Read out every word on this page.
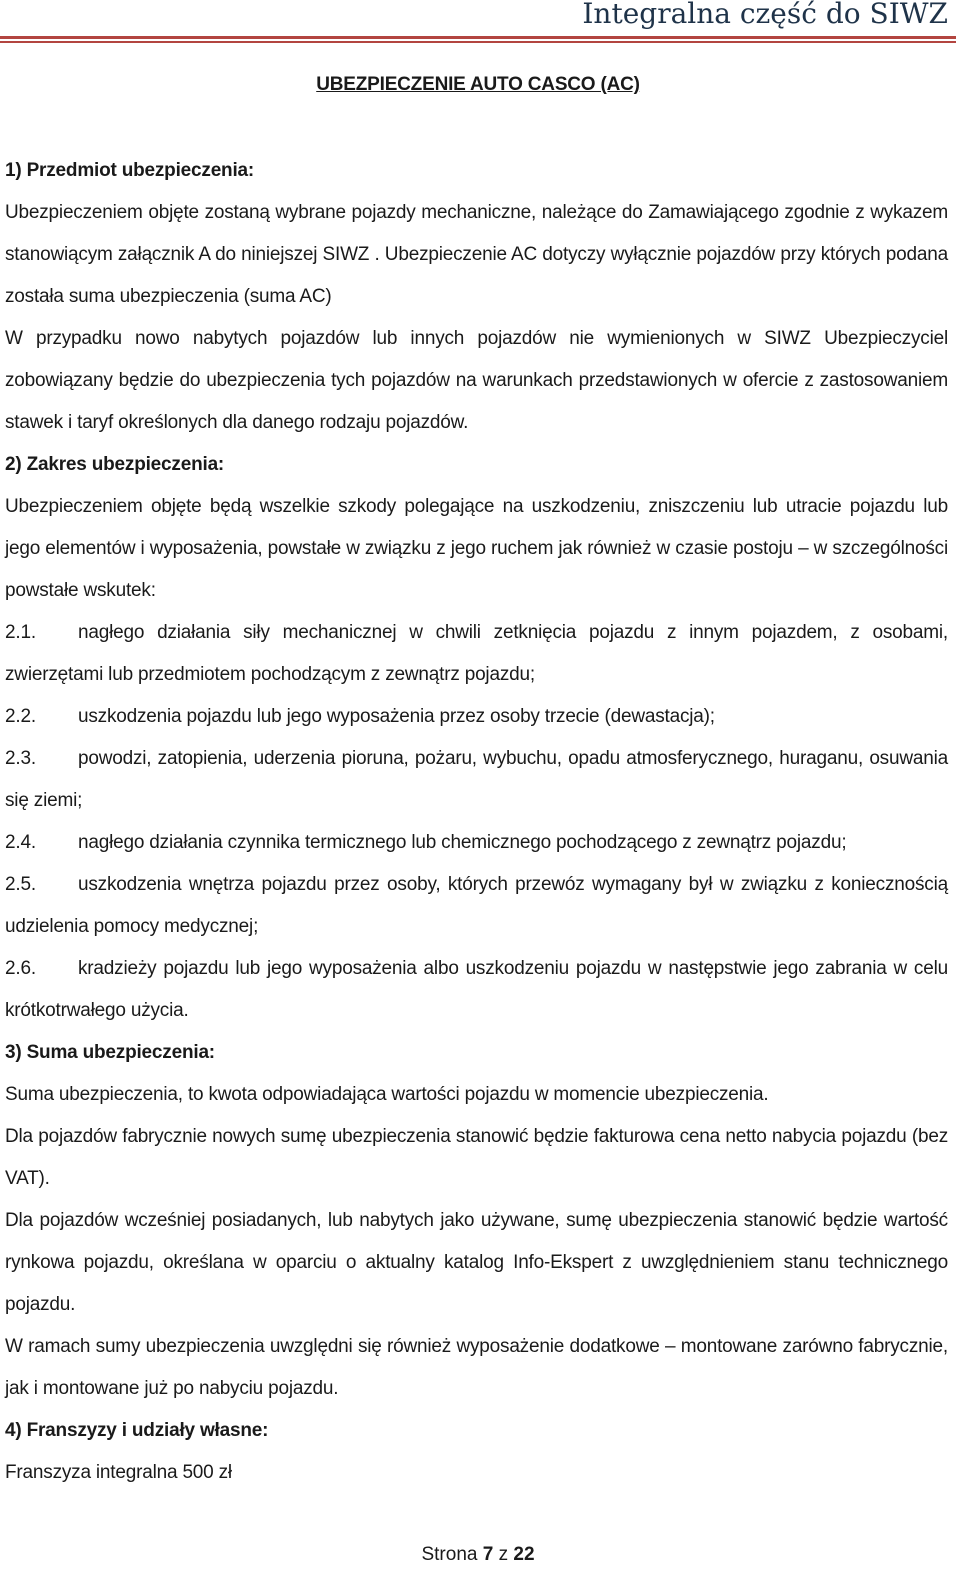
Integralna część do SIWZ
UBEZPIECZENIE AUTO CASCO (AC)

1) Przedmiot ubezpieczenia:

Ubezpieczeniem objęte zostaną wybrane pojazdy mechaniczne, należące do Zamawiającego zgodnie z wykazem stanowiącym załącznik A do niniejszej SIWZ . Ubezpieczenie AC dotyczy wyłącznie pojazdów przy których podana została suma ubezpieczenia (suma AC)

W przypadku nowo nabytych pojazdów lub innych pojazdów nie wymienionych w SIWZ Ubezpieczyciel zobowiązany będzie do ubezpieczenia tych pojazdów na warunkach przedstawionych w ofercie z zastosowaniem stawek i taryf określonych dla danego rodzaju pojazdów.

2) Zakres ubezpieczenia:

Ubezpieczeniem objęte będą wszelkie szkody polegające na uszkodzeniu, zniszczeniu lub utracie pojazdu lub jego elementów i wyposażenia, powstałe w związku z jego ruchem jak również w czasie postoju – w szczególności powstałe wskutek:

2.1. nagłego działania siły mechanicznej w chwili zetknięcia pojazdu z innym pojazdem, z osobami, zwierzętami lub przedmiotem pochodzącym z zewnątrz pojazdu;

2.2. uszkodzenia pojazdu lub jego wyposażenia przez osoby trzecie (dewastacja);

2.3. powodzi, zatopienia, uderzenia pioruna, pożaru, wybuchu, opadu atmosferycznego, huraganu, osuwania się ziemi;

2.4. nagłego działania czynnika termicznego lub chemicznego pochodzącego z zewnątrz pojazdu;

2.5. uszkodzenia wnętrza pojazdu przez osoby, których przewóz wymagany był w związku z koniecznością udzielenia pomocy medycznej;

2.6. kradzieży pojazdu lub jego wyposażenia albo uszkodzeniu pojazdu w następstwie jego zabrania w celu krótkotrwałego użycia.

3) Suma ubezpieczenia:

Suma ubezpieczenia, to kwota odpowiadająca wartości pojazdu w momencie ubezpieczenia.

Dla pojazdów fabrycznie nowych sumę ubezpieczenia stanowić będzie fakturowa cena netto nabycia pojazdu (bez VAT).

Dla pojazdów wcześniej posiadanych, lub nabytych jako używane, sumę ubezpieczenia stanowić będzie wartość rynkowa pojazdu, określana w oparciu o aktualny katalog Info-Ekspert z uwzględnieniem stanu technicznego pojazdu.

W ramach sumy ubezpieczenia uwzględni się również wyposażenie dodatkowe – montowane zarówno fabrycznie, jak i montowane już po nabyciu pojazdu.

4) Franszyzy i udziały własne:

Franszyza integralna 500 zł

Strona 7 z 22
